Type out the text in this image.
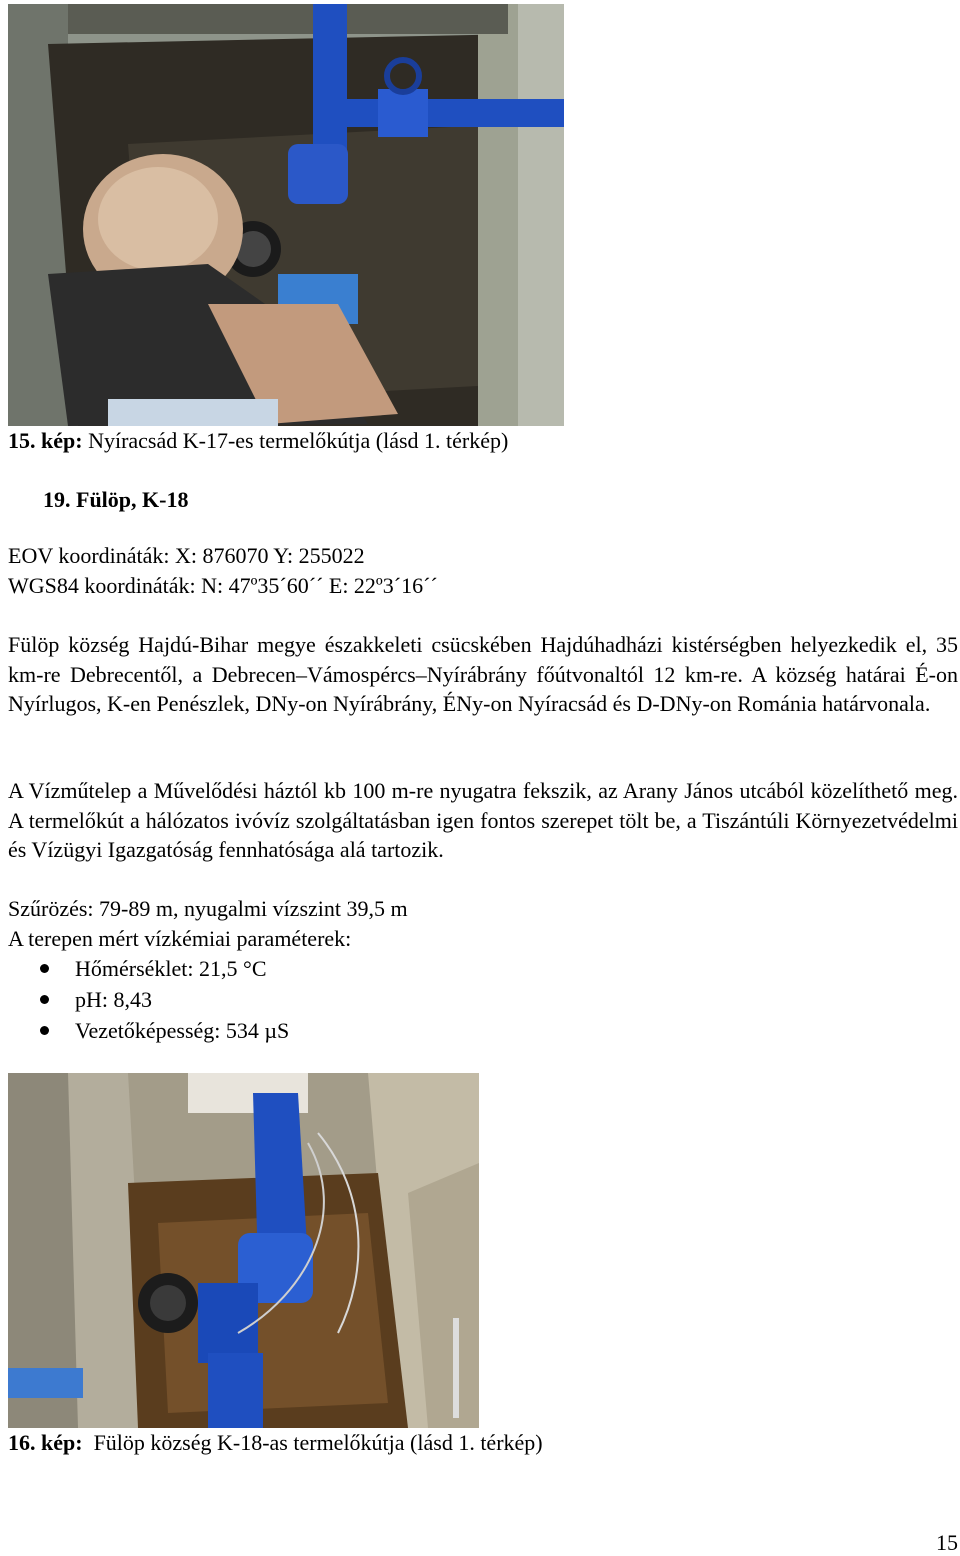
15. kép: Nyíracsád K-17-es termelőkútja (lásd 1. térkép)
19. Fülöp, K-18
EOV koordináták: X: 876070 Y: 255022
WGS84 koordináták: N: 47º35´60´´ E: 22º3´16´´
Fülöp község Hajdú-Bihar megye északkeleti csücskében Hajdúhadházi kistérségben helyezkedik el, 35 km-re Debrecentől, a Debrecen–Vámospércs–Nyírábrány főútvonaltól 12 km-re. A község határai É-on Nyírlugos, K-en Penészlek, DNy-on Nyírábrány, ÉNy-on Nyíracsád és D-DNy-on Románia határvonala.
A Vízműtelep a Művelődési háztól kb 100 m-re nyugatra fekszik, az Arany János utcából közelíthető meg. A termelőkút a hálózatos ivóvíz szolgáltatásban igen fontos szerepet tölt be, a Tiszántúli Környezetvédelmi és Vízügyi Igazgatóság fennhatósága alá tartozik.
Szűrözés: 79-89 m, nyugalmi vízszint 39,5 m
A terepen mért vízkémiai paraméterek:
Hőmérséklet: 21,5 °C
pH: 8,43
Vezetőképesség: 534 µS
16. kép:  Fülöp község K-18-as termelőkútja (lásd 1. térkép)
15
